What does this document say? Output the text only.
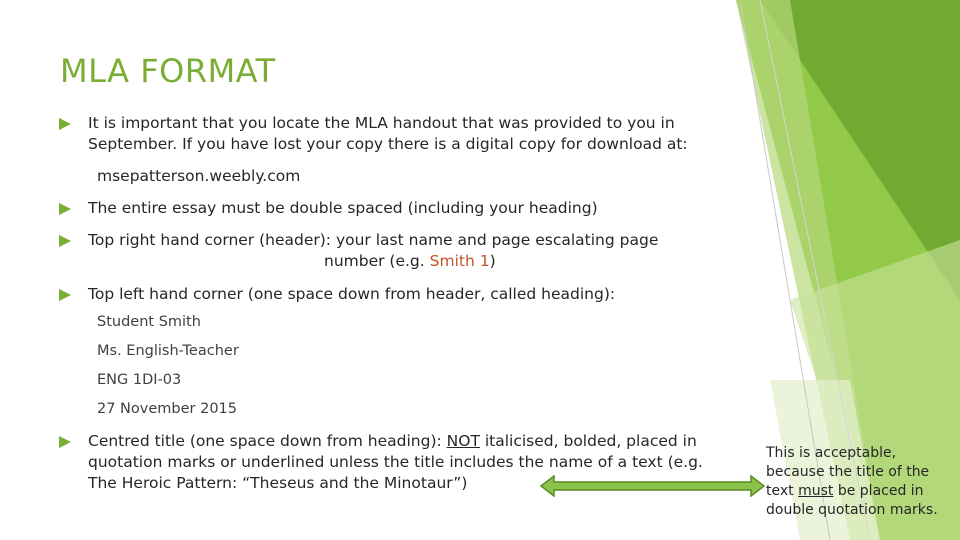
MLA FORMAT
It is important that you locate the MLA handout that was provided to you in September. If you have lost your copy there is a digital copy for download at:
msepatterson.weebly.com
The entire essay must be double spaced (including your heading)
Top right hand corner (header): your last name and page escalating page
number (e.g. Smith 1)
Top left hand corner (one space down from header, called heading):
Student Smith
Ms. English-Teacher
ENG 1DI-03
27 November 2015
Centred title (one space down from heading): NOT italicised, bolded, placed in quotation marks or underlined unless the title includes the name of a text (e.g. The Heroic Pattern: “Theseus and the Minotaur”)
This is acceptable, because the title of the text must be placed in double quotation marks.
